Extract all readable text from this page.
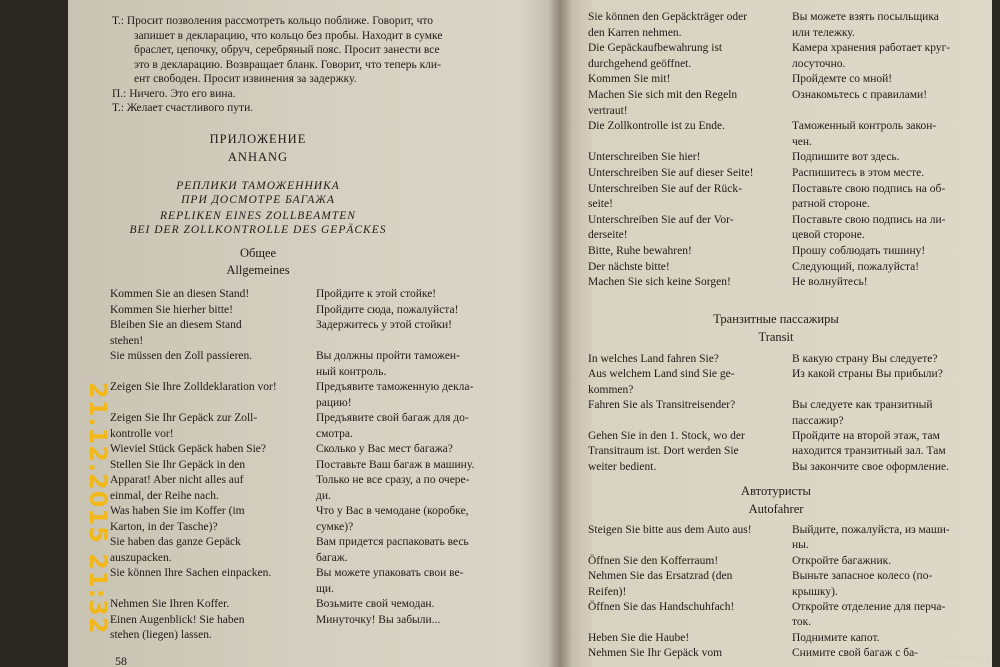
Т.: Просит позволения рассмотреть кольцо поближе. Говорит, что
запишет в декларацию, что кольцо без пробы. Находит в сумке
браслет, цепочку, обруч, серебряный пояс. Просит занести все
это в декларацию. Возвращает бланк. Говорит, что теперь кли-
ент свободен. Просит извинения за задержку.
П.: Ничего. Это его вина.
Т.: Желает счастливого пути.
Kommen Sie an diesen Stand!	Пройдите к этой стойке!
Kommen Sie hierher bitte!	Пройдите сюда, пожалуйста!
Bleiben Sie an diesem Stand	Задержитесь у этой стойки!
stehen!
Sie müssen den Zoll passieren.	Вы должны пройти таможен-
ный контроль.
Zeigen Sie Ihre Zolldeklaration vor!	Предъявите таможенную декла-
рацию!
Zeigen Sie Ihr Gepäck zur Zoll-	Предъявите свой багаж для до-
kontrolle vor!	смотра.
Wieviel Stück Gepäck haben Sie?	Сколько у Вас мест багажа?
Stellen Sie Ihr Gepäck in den	Поставьте Ваш багаж в машину.
Apparat! Aber nicht alles auf	Только не все сразу, а по очере-
einmal, der Reihe nach.	ди.
Was haben Sie im Koffer (im	Что у Вас в чемодане (коробке,
Karton, in der Tasche)?	сумке)?
Sie haben das ganze Gepäck	Вам придется распаковать весь
auszupacken.	багаж.
Sie können Ihre Sachen einpacken.	Вы можете упаковать свои ве-
щи.
Nehmen Sie Ihren Koffer.	Возьмите свой чемодан.
Einen Augenblick! Sie haben	Минуточку! Вы забыли...
stehen (liegen) lassen.
ПРИЛОЖЕНИЕ
ANHANG
РЕПЛИКИ ТАМОЖЕННИКА
ПРИ ДОСМОТРЕ БАГАЖА
REPLIKEN EINES ZOLLBEAMTEN
BEI DER ZOLLKONTROLLE DES GEPÄCKES
Общее
Allgemeines
58
Sie können den Gepäckträger oder	Вы можете взять посыльщика
den Karren nehmen.	или тележку.
Die Gepäckaufbewahrung ist	Камера хранения работает круг-
durchgehend geöffnet.	лосуточно.
Kommen Sie mit!	Пройдемте со мной!
Machen Sie sich mit den Regeln	Ознакомьтесь с правилами!
vertraut!
Die Zollkontrolle ist zu Ende.	Таможенный контроль закон-
чен.
Unterschreiben Sie hier!	Подпишите вот здесь.
Unterschreiben Sie auf dieser Seite!	Распишитесь в этом месте.
Unterschreiben Sie auf der Rück-	Поставьте свою подпись на об-
seite!	ратной стороне.
Unterschreiben Sie auf der Vor-	Поставьте свою подпись на ли-
derseite!	цевой стороне.
Bitte, Ruhe bewahren!	Прошу соблюдать тишину!
Der nächste bitte!	Следующий, пожалуйста!
Machen Sie sich keine Sorgen!	Не волнуйтесь!
In welches Land fahren Sie?	В какую страну Вы следуете?
Aus welchem Land sind Sie ge-	Из какой страны Вы прибыли?
kommen?
Fahren Sie als Transitreisender?	Вы следуете как транзитный
пассажир?
Gehen Sie in den 1. Stock, wo der	Пройдите на второй этаж, там
Transitraum ist. Dort werden Sie	находится транзитный зал. Там
weiter bedient.	Вы закончите свое оформление.
Steigen Sie bitte aus dem Auto aus!	Выйдите, пожалуйста, из маши-
ны.
Öffnen Sie den Kofferraum!	Откройте багажник.
Nehmen Sie das Ersatzrad (den	Выньте запасное колесо (по-
Reifen)!	крышку).
Öffnen Sie das Handschuhfach!	Откройте отделение для перча-
ток.
Heben Sie die Haube!	Поднимите капот.
Nehmen Sie Ihr Gepäck vom	Снимите свой багаж с ба-
Транзитные пассажиры
Transit
Автотуристы
Autofahrer
21.12.2015 21:32
www.ay.by
